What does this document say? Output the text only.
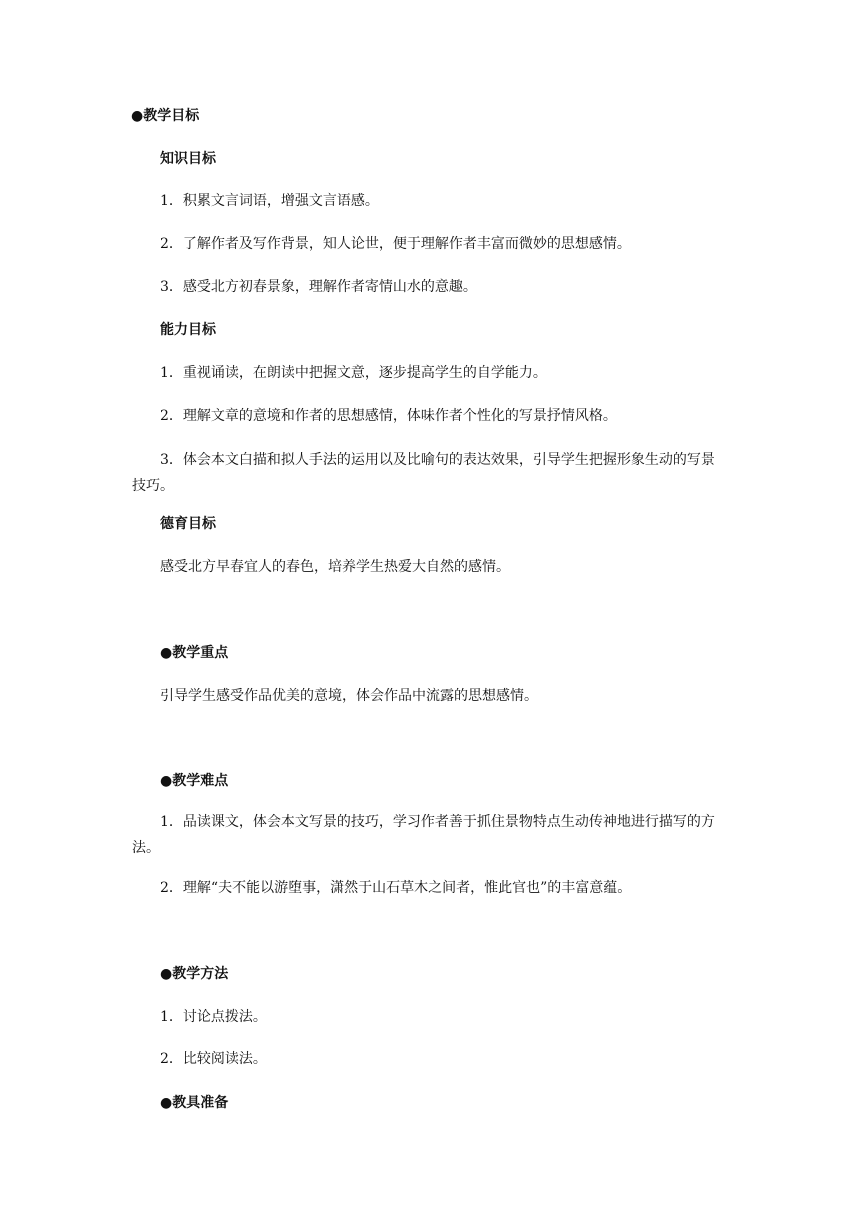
●教学目标
知识目标
1．积累文言词语，增强文言语感。
2．了解作者及写作背景，知人论世，便于理解作者丰富而微妙的思想感情。
3．感受北方初春景象，理解作者寄情山水的意趣。
能力目标
1．重视诵读，在朗读中把握文意，逐步提高学生的自学能力。
2．理解文章的意境和作者的思想感情，体味作者个性化的写景抒情风格。
3．体会本文白描和拟人手法的运用以及比喻句的表达效果，引导学生把握形象生动的写景技巧。
德育目标
感受北方早春宜人的春色，培养学生热爱大自然的感情。
●教学重点
引导学生感受作品优美的意境，体会作品中流露的思想感情。
●教学难点
1．品读课文，体会本文写景的技巧，学习作者善于抓住景物特点生动传神地进行描写的方法。
2．理解“夫不能以游堕事，潇然于山石草木之间者，惟此官也”的丰富意蕴。
●教学方法
1．讨论点拨法。
2．比较阅读法。
●教具准备
